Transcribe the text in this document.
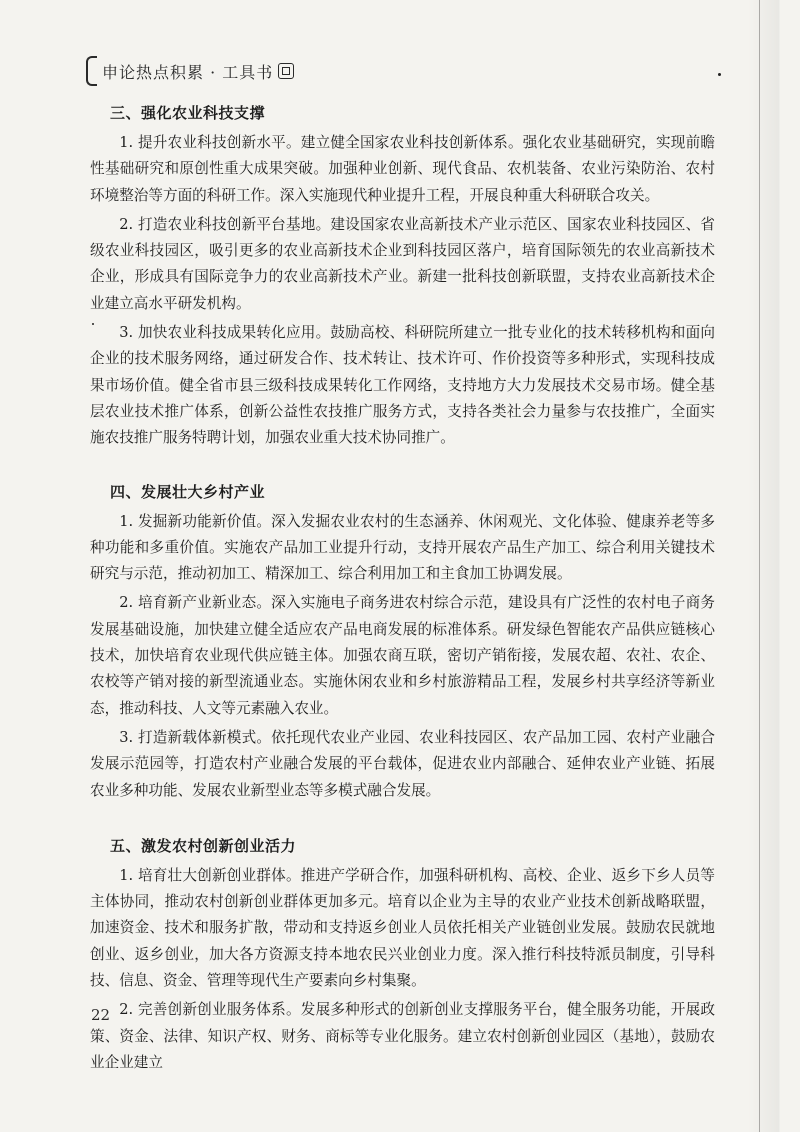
申论热点积累 · 工具书
三、强化农业科技支撑

1. 提升农业科技创新水平。建立健全国家农业科技创新体系。强化农业基础研究，实现前瞻性基础研究和原创性重大成果突破。加强种业创新、现代食品、农机装备、农业污染防治、农村环境整治等方面的科研工作。深入实施现代种业提升工程，开展良种重大科研联合攻关。

2. 打造农业科技创新平台基地。建设国家农业高新技术产业示范区、国家农业科技园区、省级农业科技园区，吸引更多的农业高新技术企业到科技园区落户，培育国际领先的农业高新技术企业，形成具有国际竞争力的农业高新技术产业。新建一批科技创新联盟，支持农业高新技术企业建立高水平研发机构。

3. 加快农业科技成果转化应用。鼓励高校、科研院所建立一批专业化的技术转移机构和面向企业的技术服务网络，通过研发合作、技术转让、技术许可、作价投资等多种形式，实现科技成果市场价值。健全省市县三级科技成果转化工作网络，支持地方大力发展技术交易市场。健全基层农业技术推广体系，创新公益性农技推广服务方式，支持各类社会力量参与农技推广，全面实施农技推广服务特聘计划，加强农业重大技术协同推广。

四、发展壮大乡村产业

1. 发掘新功能新价值。深入发掘农业农村的生态涵养、休闲观光、文化体验、健康养老等多种功能和多重价值。实施农产品加工业提升行动，支持开展农产品生产加工、综合利用关键技术研究与示范，推动初加工、精深加工、综合利用加工和主食加工协调发展。

2. 培育新产业新业态。深入实施电子商务进农村综合示范，建设具有广泛性的农村电子商务发展基础设施，加快建立健全适应农产品电商发展的标准体系。研发绿色智能农产品供应链核心技术，加快培育农业现代供应链主体。加强农商互联，密切产销衔接，发展农超、农社、农企、农校等产销对接的新型流通业态。实施休闲农业和乡村旅游精品工程，发展乡村共享经济等新业态，推动科技、人文等元素融入农业。

3. 打造新载体新模式。依托现代农业产业园、农业科技园区、农产品加工园、农村产业融合发展示范园等，打造农村产业融合发展的平台载体，促进农业内部融合、延伸农业产业链、拓展农业多种功能、发展农业新型业态等多模式融合发展。

五、激发农村创新创业活力

1. 培育壮大创新创业群体。推进产学研合作，加强科研机构、高校、企业、返乡下乡人员等主体协同，推动农村创新创业群体更加多元。培育以企业为主导的农业产业技术创新战略联盟，加速资金、技术和服务扩散，带动和支持返乡创业人员依托相关产业链创业发展。鼓励农民就地创业、返乡创业，加大各方资源支持本地农民兴业创业力度。深入推行科技特派员制度，引导科技、信息、资金、管理等现代生产要素向乡村集聚。

2. 完善创新创业服务体系。发展多种形式的创新创业支撑服务平台，健全服务功能，开展政策、资金、法律、知识产权、财务、商标等专业化服务。建立农村创新创业园区（基地），鼓励农业企业建立

22
